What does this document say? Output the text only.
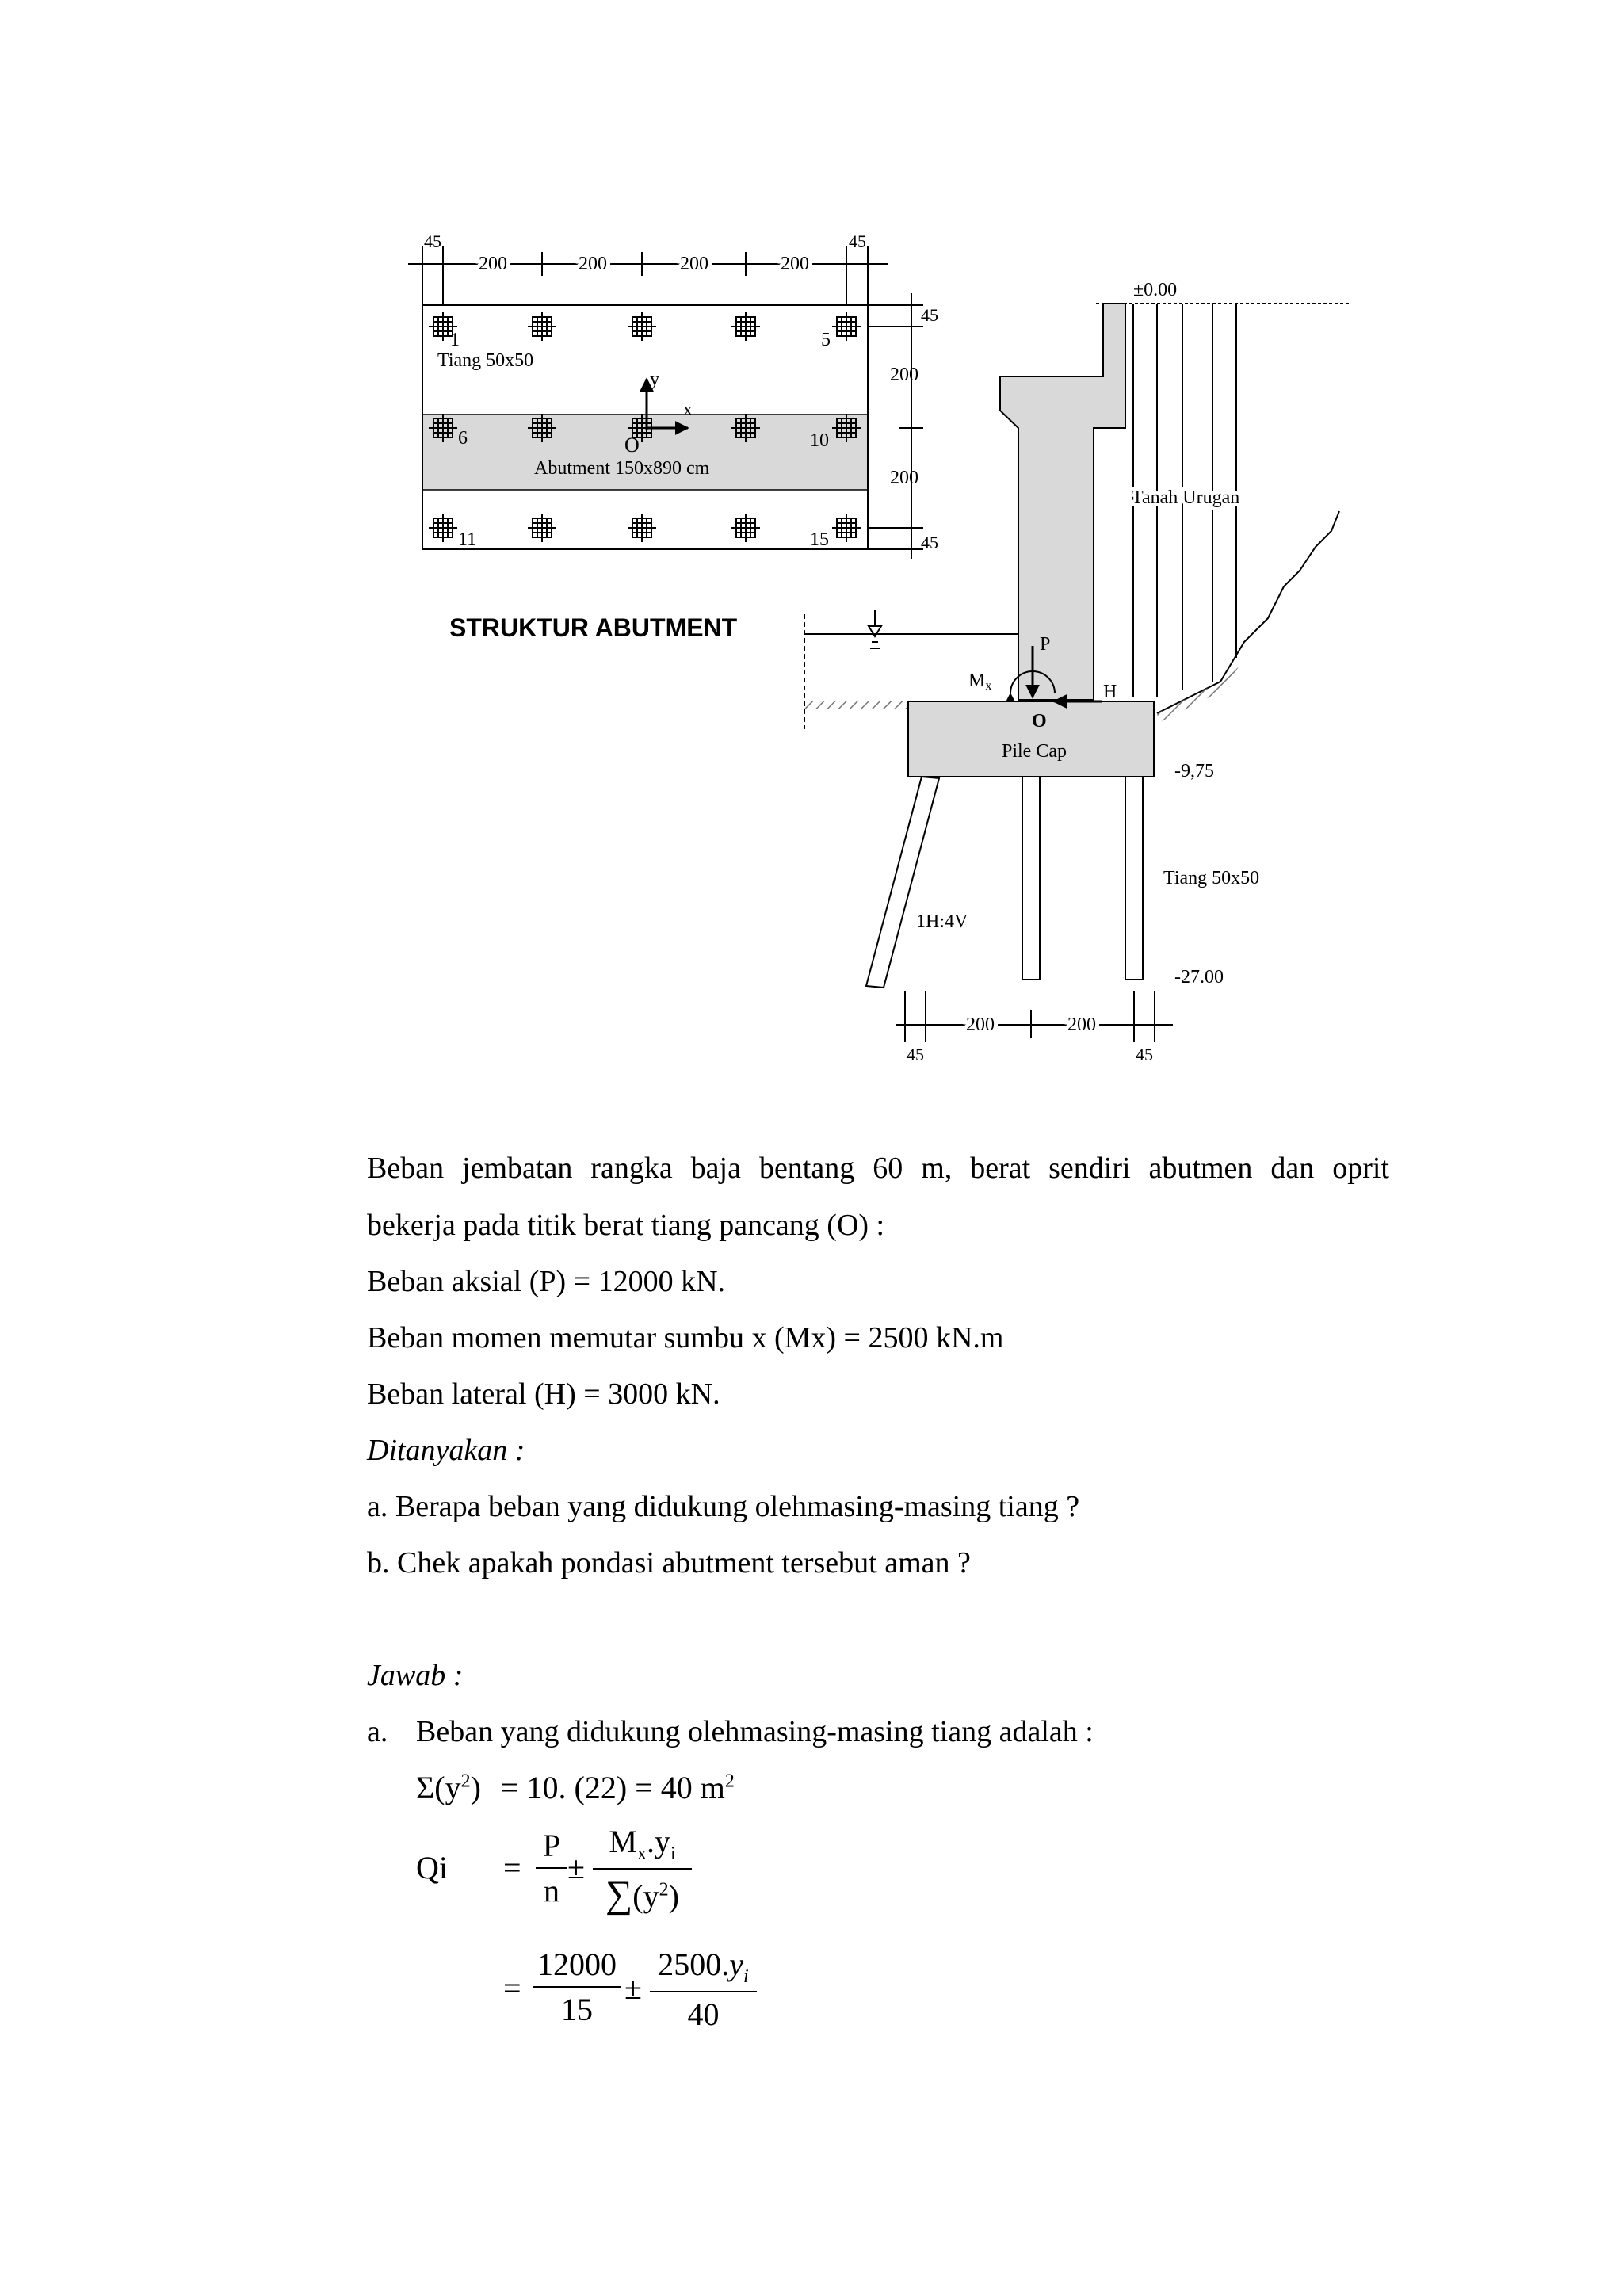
45
200	200	200	200
45
45
200
200
45
1	5
6	10
11	15
Tiang 50x50
Abutment 150x890 cm
y
x
O
STRUKTUR ABUTMENT
±0.00
Tanah Urugan
O
Pile Cap
P
Mx	H
-9,75
Tiang 50x50
1H:4V
-27.00
200	200
45	45
Beban jembatan rangka baja bentang 60 m, berat sendiri abutmen dan oprit
bekerja pada titik berat tiang pancang (O) :
Beban aksial (P) = 12000 kN.
Beban momen memutar sumbu x (Mx) = 2500 kN.m
Beban lateral (H) = 3000 kN.
Ditanyakan :
a. Berapa beban yang didukung olehmasing-masing tiang ?
b. Chek apakah pondasi abutment tersebut aman ?
Jawab :
a. Beban yang didukung olehmasing-masing tiang adalah :
$\Sigma(y^2) = 10$. (22) = 40 $m^2$
Qi =
P
n
±
$M_x.y_i$
$\sum(y^2)$
=
12000
15
±
$2500.y_i$
40
